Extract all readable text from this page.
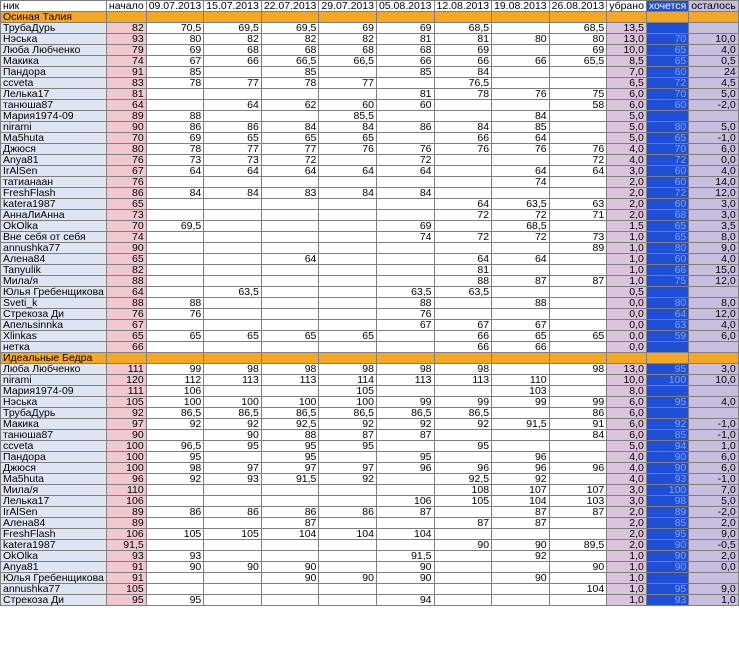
ник	начало	09.07.2013	15.07.2013	22.07.2013	29.07.2013	05.08.2013	12.08.2013	19.08.2013	26.08.2013	убрано	хочется	осталось
Осиная Талия												
ТрубаДурь	82	70,5	69,5	69,5	69	69	68,5		68,5	13,5		
Нэська	93	80	82	82	82	81	81	80	80	13,0	70	10,0
Люба Любченко	79	69	68	68	68	68	69		69	10,0	65	4,0
Макика	74	67	66	66,5	66,5	66	66	66	65,5	8,5	65	0,5
Пандора	91	85		85		85	84			7,0	60	24
ccveta	83	78	77	78	77		76,5			6,5	72	4,5
Лелька17	81					81	78	76	75	6,0	70	5,0
танюша87	64		64	62	60	60			58	6,0	60	-2,0
Мария1974-09	89	88			85,5			84		5,0		
nirami	90	86	86	84	84	86	84	85		5,0	80	5,0
Ма5huta	70	69	65	65	65		66	64		5,0	65	-1,0
Джюся	80	78	77	77	76	76	76	76	76	4,0	70	6,0
Anya81	76	73	73	72		72			72	4,0	72	0,0
IrAlSen	67	64	64	64	64	64		64	64	3,0	60	4,0
татианаан	76							74		2,0	60	14,0
FreshFlash	86	84	84	83	84	84				2,0	72	12,0
katera1987	65						64	63,5	63	2,0	60	3,0
АннаЛиАнна	73						72	72	71	2,0	68	3,0
OkOlka	70	69,5				69		68,5		1,5	65	3,5
Вне себя от себя	74					74	72	72	73	1,0	65	8,0
annushka77	90								89	1,0	80	9,0
Алена84	65			64			64	64		1,0	60	4,0
Tanyulik	82						81			1,0	66	15,0
Мила/я	88						88	87	87	1,0	75	12,0
Юлья Гребенщикова	64		63,5			63,5	63,5			0,5		
Sveti_k	88	88				88		88		0,0	80	8,0
Стрекоза Ди	76	76				76				0,0	64	12,0
Апельsinnka	67					67	67	67		0,0	63	4,0
Xlinkas	65	65	65	65	65		66	65	65	0,0	59	6,0
нетка	66						66	66		0,0		
Идеальные Бедра												
Люба Любченко	111	99	98	98	98	98	98		98	13,0	95	3,0
nirami	120	112	113	113	114	113	113	110		10,0	100	10,0
Мария1974-09	111	106			105			103		8,0		
Нэська	105	100	100	100	100	99	99	99	99	6,0	95	4,0
ТрубаДурь	92	86,5	86,5	86,5	86,5	86,5	86,5		86	6,0		
Макика	97	92	92	92,5	92	92	92	91,5	91	6,0	92	-1,0
танюша87	90		90	88	87	87			84	6,0	85	-1,0
ccveta	100	96,5	95	95	95		95			5,0	94	1,0
Пандора	100	95		95		95		96		4,0	90	6,0
Джюся	100	98	97	97	97	96	96	96	96	4,0	90	6,0
Ма5huta	96	92	93	91,5	92		92,5	92		4,0	93	-1,0
Мила/я	110						108	107	107	3,0	100	7,0
Лелька17	106					106	105	104	103	3,0	98	5,0
IrAlSen	89	86	86	86	86	87		87	87	2,0	89	-2,0
Алена84	89			87			87	87		2,0	85	2,0
FreshFlash	106	105	105	104	104	104				2,0	95	9,0
katera1987	91,5						90	90	89,5	2,0	90	-0,5
OkOlka	93	93				91,5		92		1,0	90	2,0
Anya81	91	90	90	90		90			90	1,0	90	0,0
Юлья Гребенщикова	91			90	90	90		90		1,0		
annushka77	105								104	1,0	95	9,0
Стрекоза Ди	95	95				94				1,0	93	1,0
